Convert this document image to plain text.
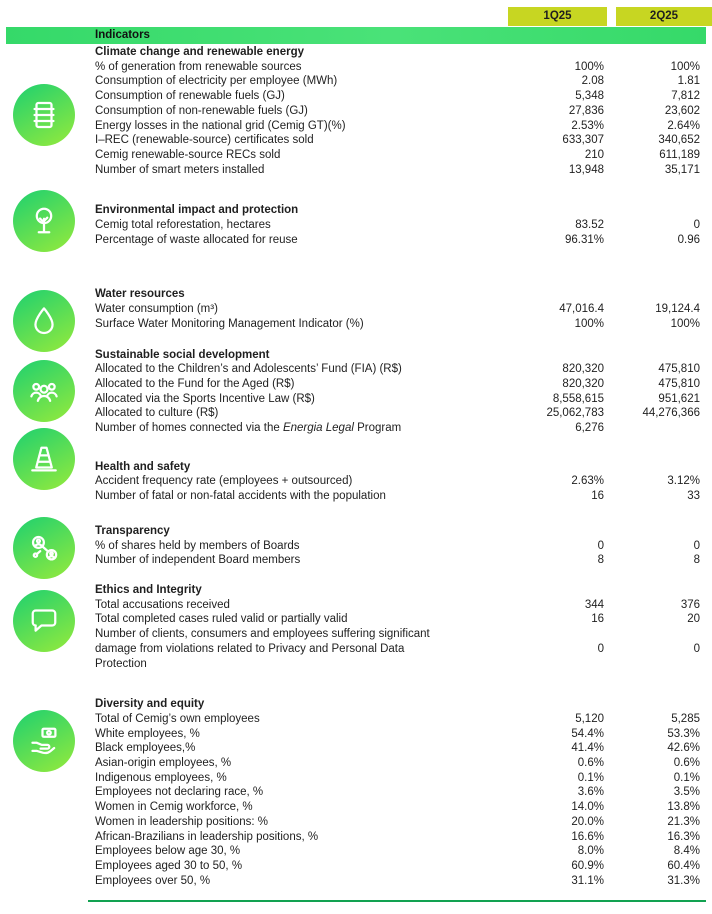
1Q25	2Q25
Indicators
Climate change and renewable energy
% of generation from renewable sources	100%	100%
Consumption of electricity per employee (MWh)	2.08	1.81
Consumption of renewable fuels (GJ)	5,348	7,812
Consumption of non-renewable fuels (GJ)	27,836	23,602
Energy losses in the national grid (Cemig GT)(%)	2.53%	2.64%
I–REC (renewable-source) certificates sold	633,307	340,652
Cemig renewable-source RECs sold	210	611,189
Number of smart meters installed	13,948	35,171
Environmental impact and protection
Cemig total reforestation, hectares	83.52	0
Percentage of waste allocated for reuse	96.31%	0.96
Water resources
Water consumption (m³)	47,016.4	19,124.4
Surface Water Monitoring Management Indicator (%)	100%	100%
Sustainable social development
Allocated to the Children’s and Adolescents’ Fund (FIA) (R$)	820,320	475,810
Allocated to the Fund for the Aged (R$)	820,320	475,810
Allocated via the Sports Incentive Law (R$)	8,558,615	951,621
Allocated to culture (R$)	25,062,783	44,276,366
Number of homes connected via the Energia Legal Program	6,276
Health and safety
Accident frequency rate (employees + outsourced)	2.63%	3.12%
Number of fatal or non-fatal accidents with the population	16	33
Transparency
% of shares held by members of Boards	0	0
Number of independent Board members	8	8
Ethics and Integrity
Total accusations received	344	376
Total completed cases ruled valid or partially valid	16	20
Number of clients, consumers and employees suffering significant damage from violations related to Privacy and Personal Data Protection
0	0
Diversity and equity
Total of Cemig’s own employees	5,120	5,285
White employees, %	54.4%	53.3%
Black employees,%	41.4%	42.6%
Asian-origin employees, %	0.6%	0.6%
Indigenous employees, %	0.1%	0.1%
Employees not declaring race, %	3.6%	3.5%
Women in Cemig workforce, %	14.0%	13.8%
Women in leadership positions: %	20.0%	21.3%
African-Brazilians in leadership positions, %	16.6%	16.3%
Employees below age 30, %	8.0%	8.4%
Employees aged 30 to 50, %	60.9%	60.4%
Employees over 50, %	31.1%	31.3%
